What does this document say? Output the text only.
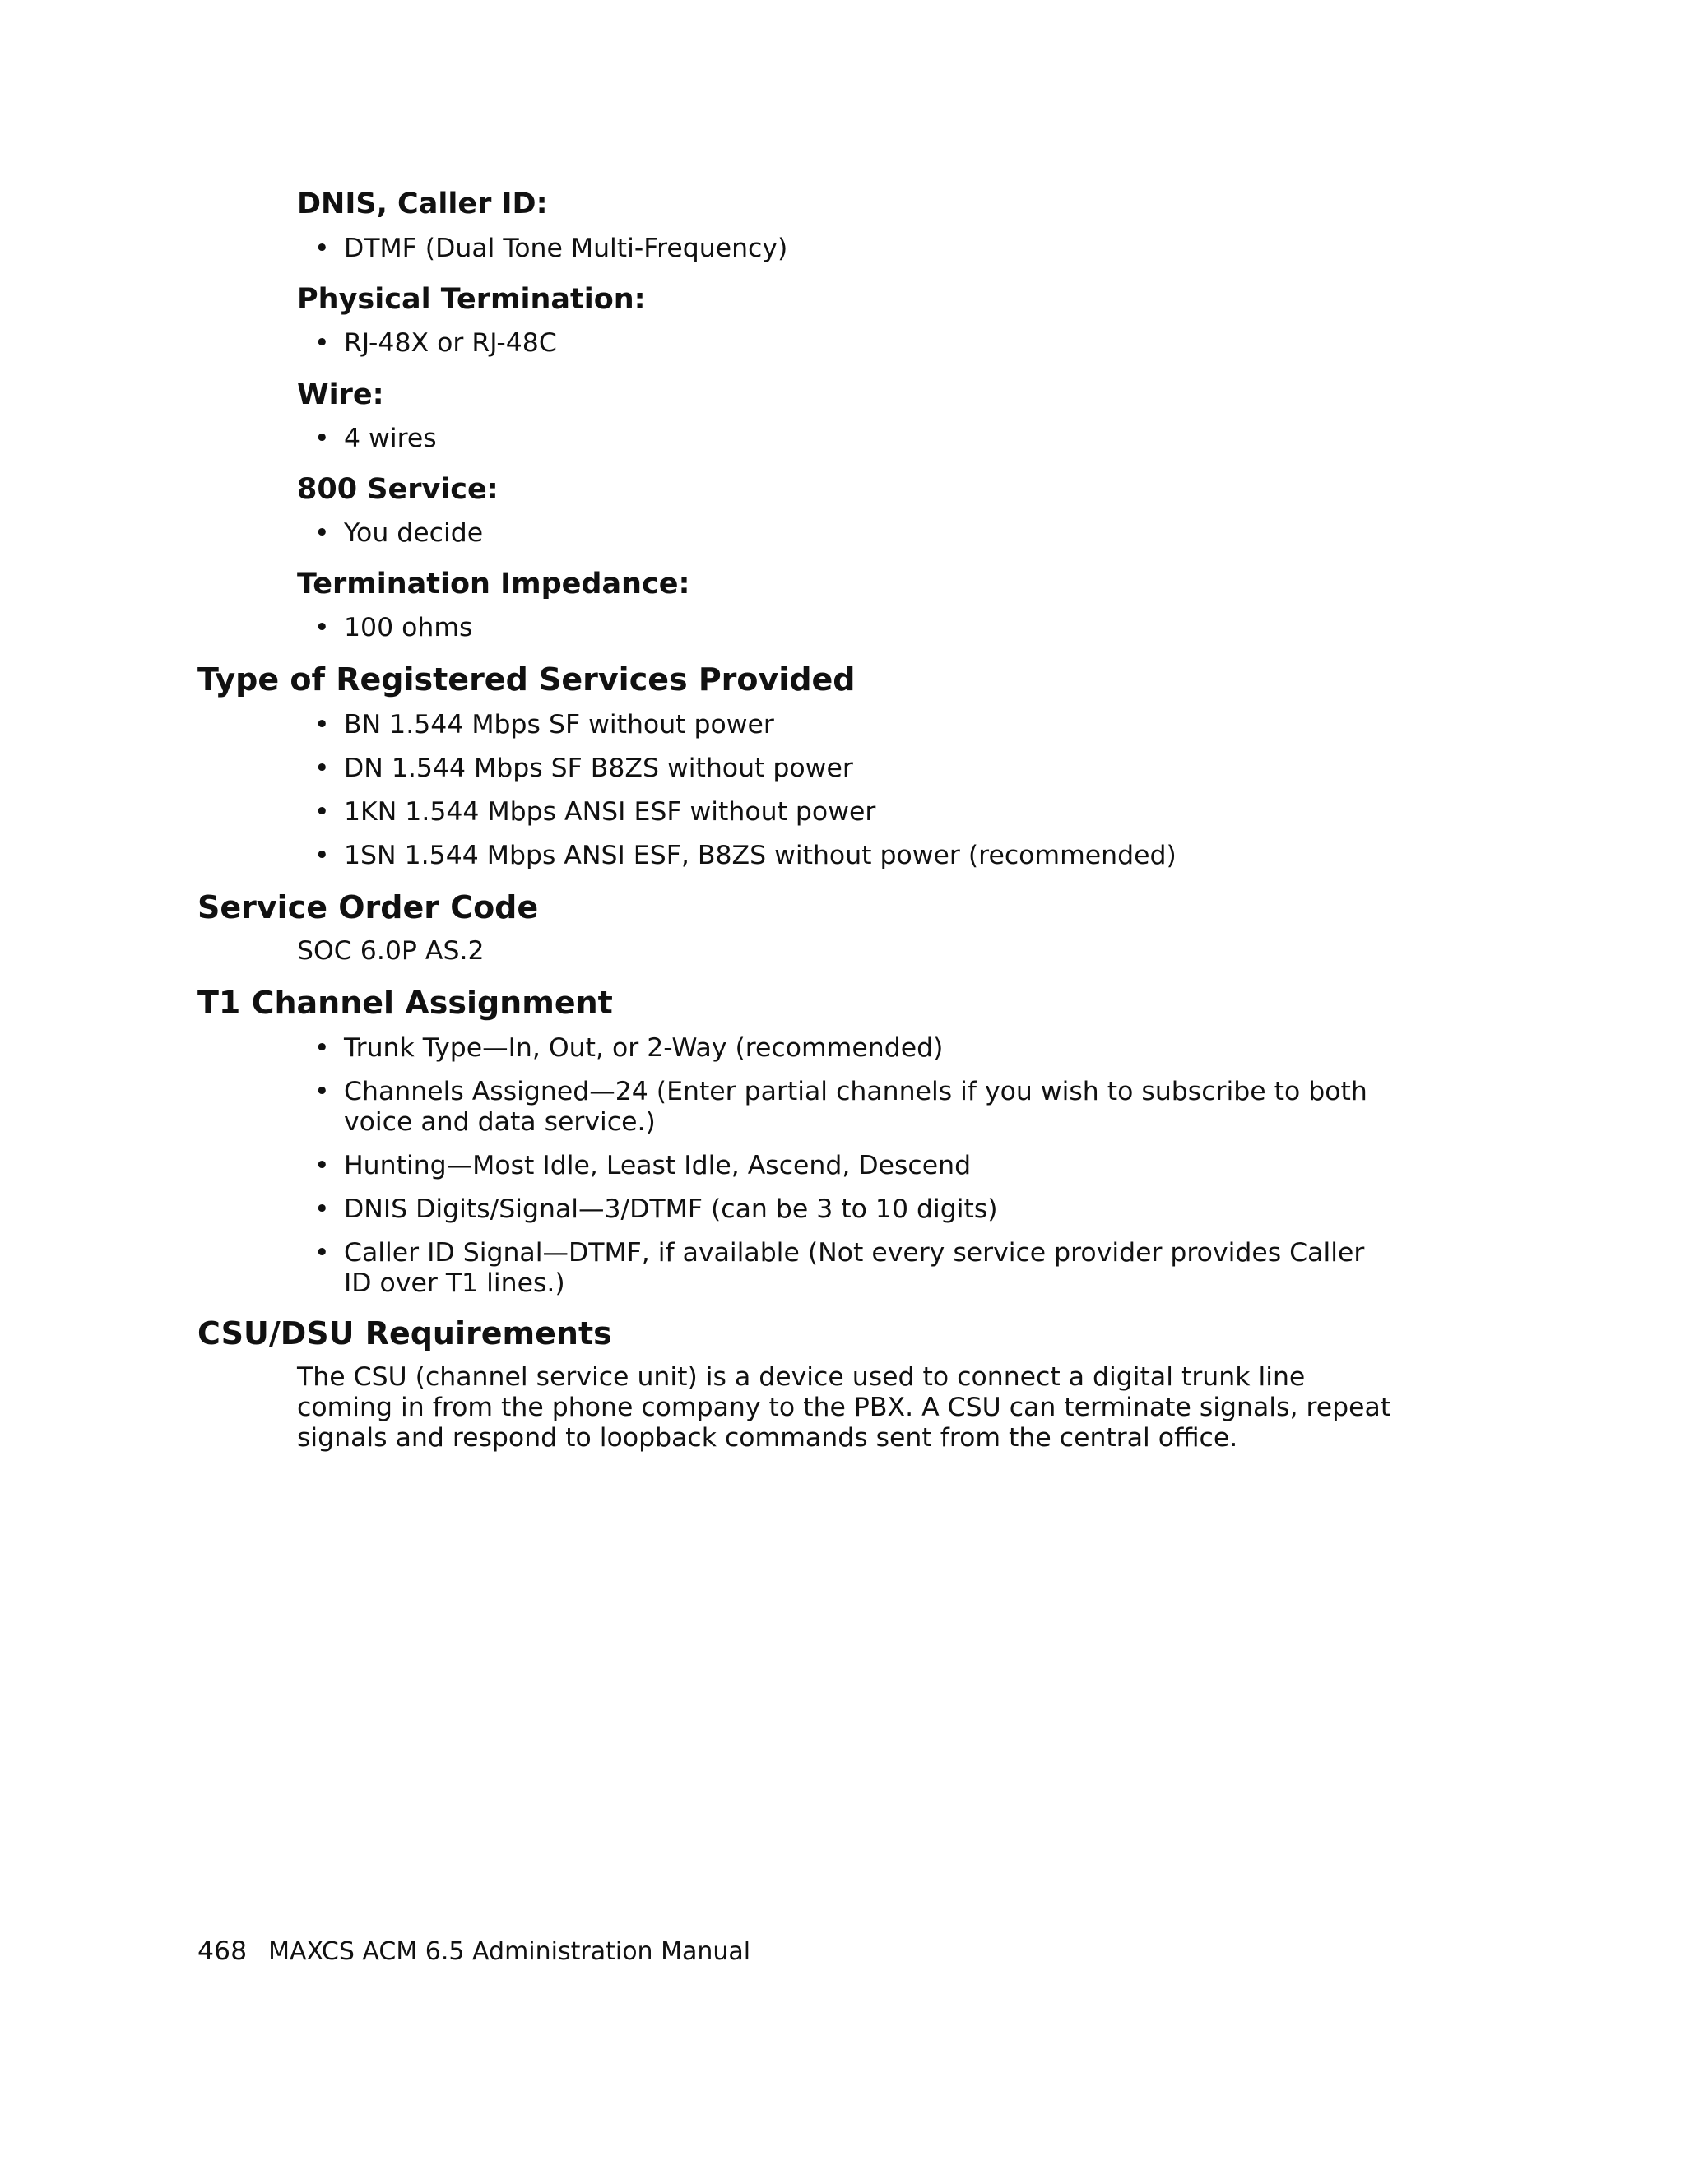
DNIS, Caller ID:

• DTMF (Dual Tone Multi-Frequency)

Physical Termination:

• RJ-48X or RJ-48C

Wire:

• 4 wires

800 Service:

• You decide

Termination Impedance:

• 100 ohms

Type of Registered Services Provided

• BN 1.544 Mbps SF without power

• DN 1.544 Mbps SF B8ZS without power

• 1KN 1.544 Mbps ANSI ESF without power

• 1SN 1.544 Mbps ANSI ESF, B8ZS without power (recommended)

Service Order Code

SOC 6.0P AS.2

T1 Channel Assignment

• Trunk Type—In, Out, or 2-Way (recommended)

• Channels Assigned—24 (Enter partial channels if you wish to subscribe to both voice and data service.)

• Hunting—Most Idle, Least Idle, Ascend, Descend

• DNIS Digits/Signal—3/DTMF (can be 3 to 10 digits)

• Caller ID Signal—DTMF, if available (Not every service provider provides Caller ID over T1 lines.)

CSU/DSU Requirements

The CSU (channel service unit) is a device used to connect a digital trunk line coming in from the phone company to the PBX. A CSU can terminate signals, repeat signals and respond to loopback commands sent from the central office.

468 MAXCS ACM 6.5 Administration Manual
